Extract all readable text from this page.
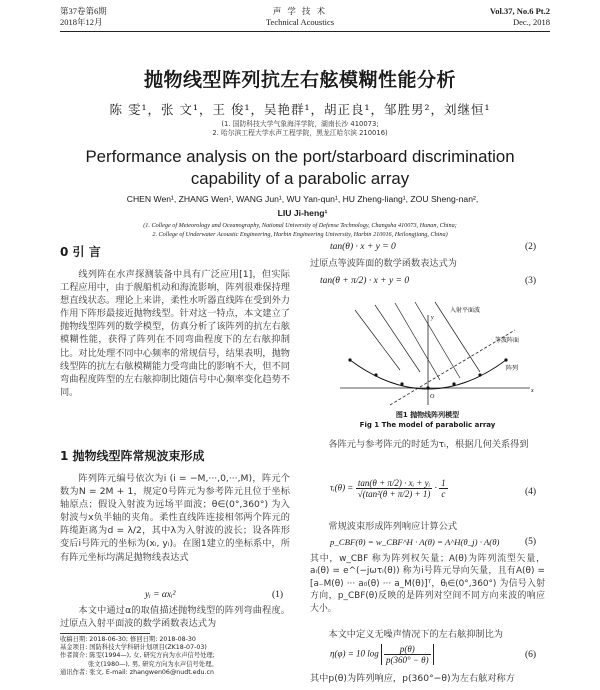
第37卷第6期
2018年12月
声 学 技 术
Technical Acoustics
Vol.37, No.6 Pt.2
Dec., 2018
抛物线型阵列抗左右舷模糊性能分析
陈 雯¹，张 文¹，王 俊¹，吴艳群¹，胡正良¹，邹胜男²，刘继恒¹
(1. 国防科技大学气象海洋学院，湖南长沙 410073;
2. 哈尔滨工程大学水声工程学院，黑龙江哈尔滨 210016)
Performance analysis on the port/starboard discrimination
capability of a parabolic array
CHEN Wen¹, ZHANG Wen¹, WANG Jun¹, WU Yan-qun¹, HU Zheng-liang¹, ZOU Sheng-nan²,
LIU Ji-heng¹
(1. College of Meteorology and Oceanography, National University of Defense Technology, Changsha 410073, Hunan, China;
2. College of Underwater Acoustic Engineering, Harbin Engineering University, Harbin 210016, Heilongjiang, China)
0 引 言

线列阵在水声探测装备中具有广泛应用[1]，但实际工程应用中，由于舰船机动和海流影响，阵列很难保持理想直线状态。理论上来讲，柔性水听器直线阵在受到外力作用下阵形最接近抛物线型。针对这一特点，本文建立了抛物线型阵列的数学模型，仿真分析了该阵列的抗左右舷模糊性能，获得了阵列在不同弯曲程度下的左右舷抑制比。对比处理不同中心频率的常规信号，结果表明，抛物线型阵的抗左右舷模糊能力受弯曲比的影响不大，但不同弯曲程度阵型的左右舷抑制比随信号中心频率变化趋势不同。

1 抛物线型阵常规波束形成

阵列阵元编号依次为i (i = −M,···,0,···,M)，阵元个数为N = 2M + 1，规定0号阵元为参考阵元且位于坐标轴原点；假设入射波为远场平面波；θ∈(0°,360°) 为入射波与x负半轴的夹角。柔性直线阵连接相邻两个阵元的阵缆距离为d = λ/2，其中λ为入射波的波长；设各阵形变后i号阵元的坐标为(xᵢ, yᵢ)。在图1建立的坐标系中，所有阵元坐标均满足抛物线表达式

yᵢ = αxᵢ²	(1)

本文中通过α的取值描述抛物线型的阵列弯曲程度。过原点入射平面波的数学函数表达式为

收稿日期: 2018-06-30; 修回日期: 2018-08-30
基金项目: 国防科技大学科研计划项目(ZK18-07-03)
作者简介: 陈雯(1994—), 女, 研究方向为水声信号处理;
张文(1980—), 男, 研究方向为水声信号处理。
通讯作者: 张文, E-mail: zhangwen06@nudt.edu.cn
tan(θ) · x + y = 0	(2)
过原点等波阵面的数学函数表达式为
tan(θ + π/2) · x + y = 0	(3)
入射平面波
等波阵面
阵列
O
x
y
图1 抛物线阵列模型
Fig 1 The model of parabolic array

各阵元与参考阵元的时延为τᵢ，根据几何关系得到

τᵢ(θ) = $\frac{\text{tan(θ + π/2) · xᵢ + yᵢ}}{\text{√(tan²(θ + π/2) + 1)}} \cdot \frac{1}{c}$	(4)

常规波束形成阵列响应计算公式

p_CBF(θ) = w_CBF^H · A(θ) = A^H(θ_j) · A(θ)	(5)
其中，w_CBF 称为阵列权矢量；A(θ)为阵列流型矢量，aᵢ(θ) = e^(−jωτᵢ(θ)) 称为i号阵元导向矢量，且有A(θ) = [a₋M(θ) ··· a₀(θ) ··· a_M(θ)]ᵀ，θⱼ∈(0°,360°) 为信号入射方向，p_CBF(θ)反映的是阵列对空间不同方向来波的响应大小。

本文中定义无噪声情况下的左右舷抑制比为

η(φ) = 10 $\log \frac{p(\theta)}{p(360^\circ - \theta)}$	(6)
其中p(θ)为阵列响应，p(360°−θ)为左右舷对称方
